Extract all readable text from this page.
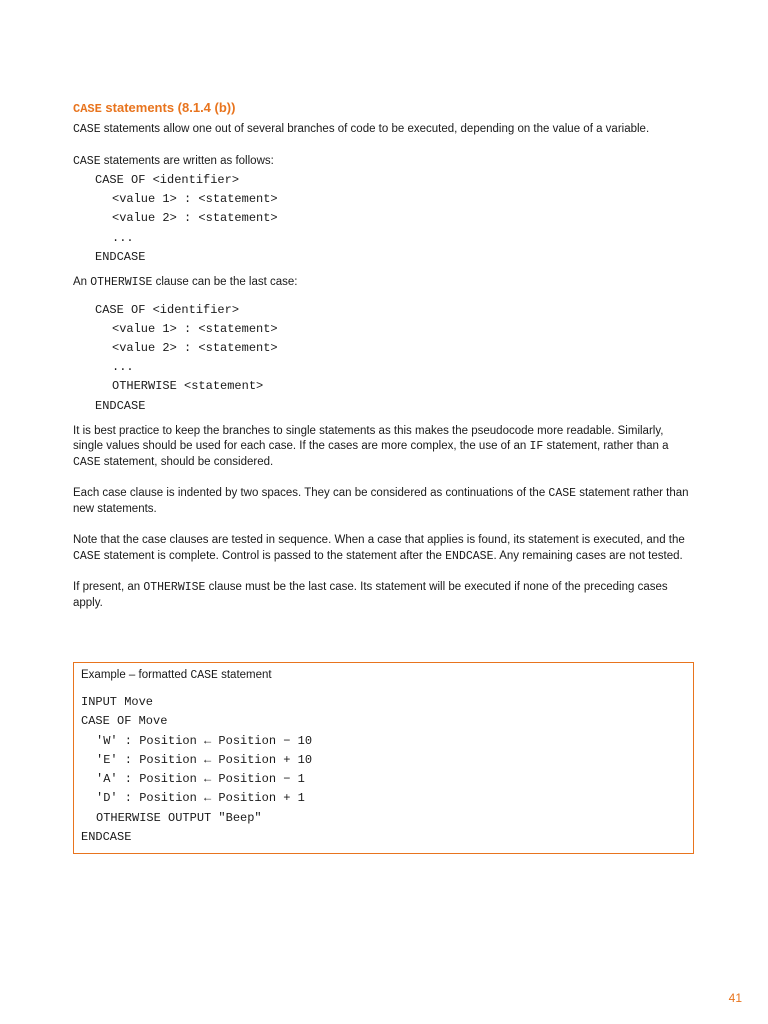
CASE statements (8.1.4 (b))

CASE statements allow one out of several branches of code to be executed, depending on the value of a variable.

CASE statements are written as follows:

CASE OF <identifier>
<value 1> : <statement>
<value 2> : <statement>
...
ENDCASE

An OTHERWISE clause can be the last case:

CASE OF <identifier>
<value 1> : <statement>
<value 2> : <statement>
...
OTHERWISE <statement>
ENDCASE

It is best practice to keep the branches to single statements as this makes the pseudocode more readable. Similarly, single values should be used for each case. If the cases are more complex, the use of an IF statement, rather than a CASE statement, should be considered.

Each case clause is indented by two spaces. They can be considered as continuations of the CASE statement rather than new statements.

Note that the case clauses are tested in sequence. When a case that applies is found, its statement is executed, and the CASE statement is complete. Control is passed to the statement after the ENDCASE. Any remaining cases are not tested.

If present, an OTHERWISE clause must be the last case. Its statement will be executed if none of the preceding cases apply.

Example – formatted CASE statement

INPUT Move
CASE OF Move
'W' : Position ← Position − 10
'E' : Position ← Position + 10
'A' : Position ← Position − 1
'D' : Position ← Position + 1
OTHERWISE OUTPUT "Beep"
ENDCASE
41
